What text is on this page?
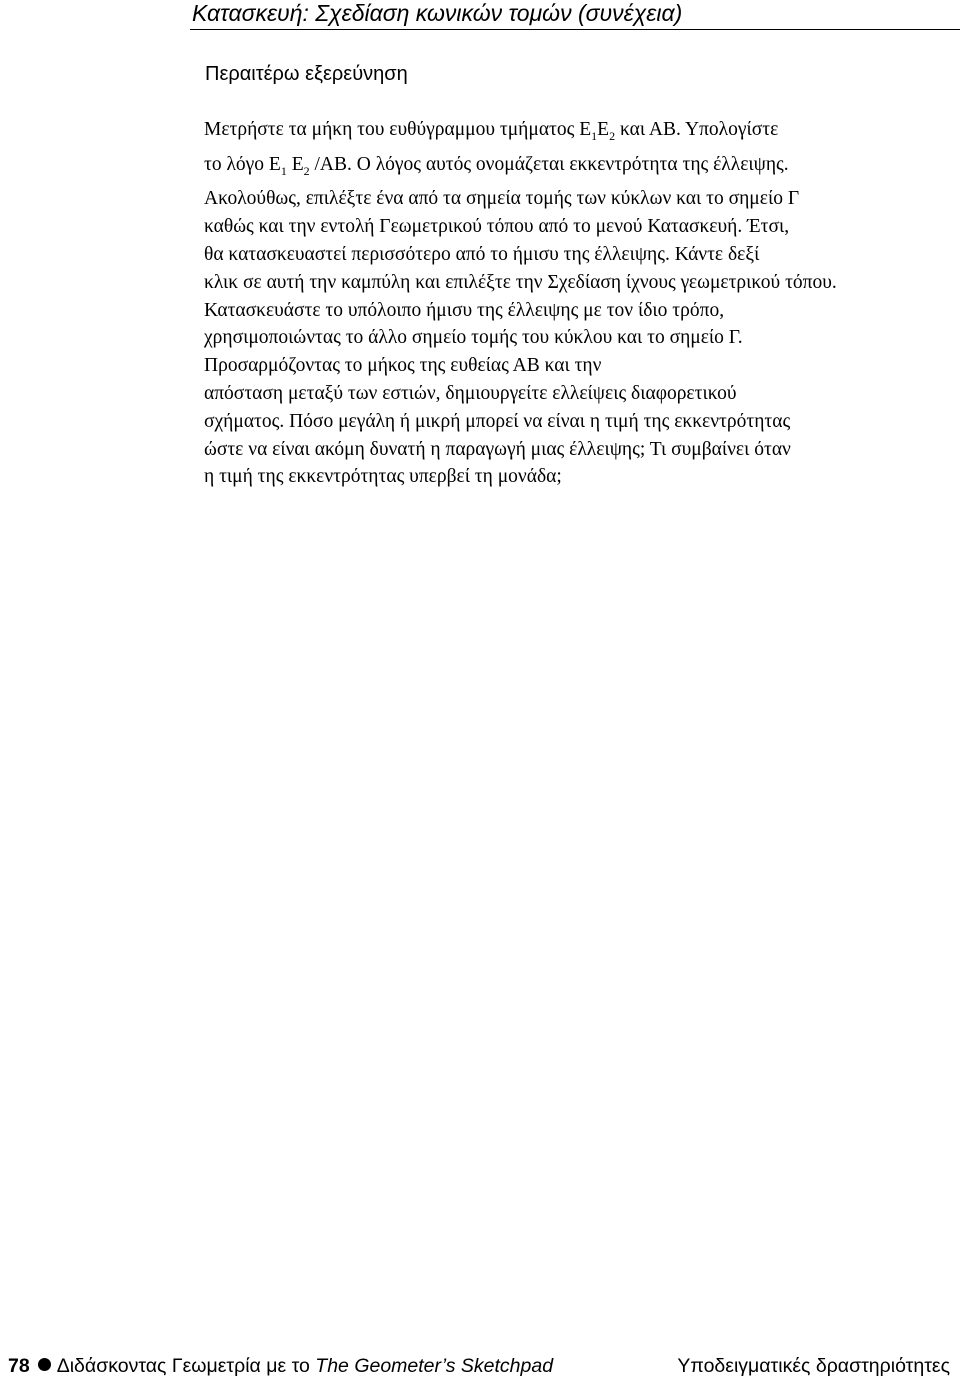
Κατασκευή: Σχεδίαση κωνικών τομών (συνέχεια)
Περαιτέρω εξερεύνηση
Μετρήστε τα μήκη του ευθύγραμμου τμήματος $E_1E_2$ και ΑΒ. Υπολογίστε
το λόγο $E_1$ $E_2$ /ΑΒ. Ο λόγος αυτός ονομάζεται εκκεντρότητα της έλλειψης.
Ακολούθως, επιλέξτε ένα από τα σημεία τομής των κύκλων και το σημείο Γ
καθώς και την εντολή Γεωμετρικού τόπου από το μενού Κατασκευή. Έτσι,
θα κατασκευαστεί περισσότερο από το ήμισυ της έλλειψης. Κάντε δεξί
κλικ σε αυτή την καμπύλη και επιλέξτε την Σχεδίαση ίχνους γεωμετρικού τόπου.
Κατασκευάστε το υπόλοιπο ήμισυ της έλλειψης με τον ίδιο τρόπο,
χρησιμοποιώντας το άλλο σημείο τομής του κύκλου και το σημείο Γ.
Προσαρμόζοντας το μήκος της ευθείας ΑΒ και την
απόσταση μεταξύ των εστιών, δημιουργείτε ελλείψεις διαφορετικού
σχήματος. Πόσο μεγάλη ή μικρή μπορεί να είναι η τιμή της εκκεντρότητας
ώστε να είναι ακόμη δυνατή η παραγωγή μιας έλλειψης; Τι συμβαίνει όταν
η τιμή της εκκεντρότητας υπερβεί τη μονάδα;
78 Διδάσκοντας Γεωμετρία με το The Geometer’s Sketchpad	Υποδειγματικές δραστηριότητες
